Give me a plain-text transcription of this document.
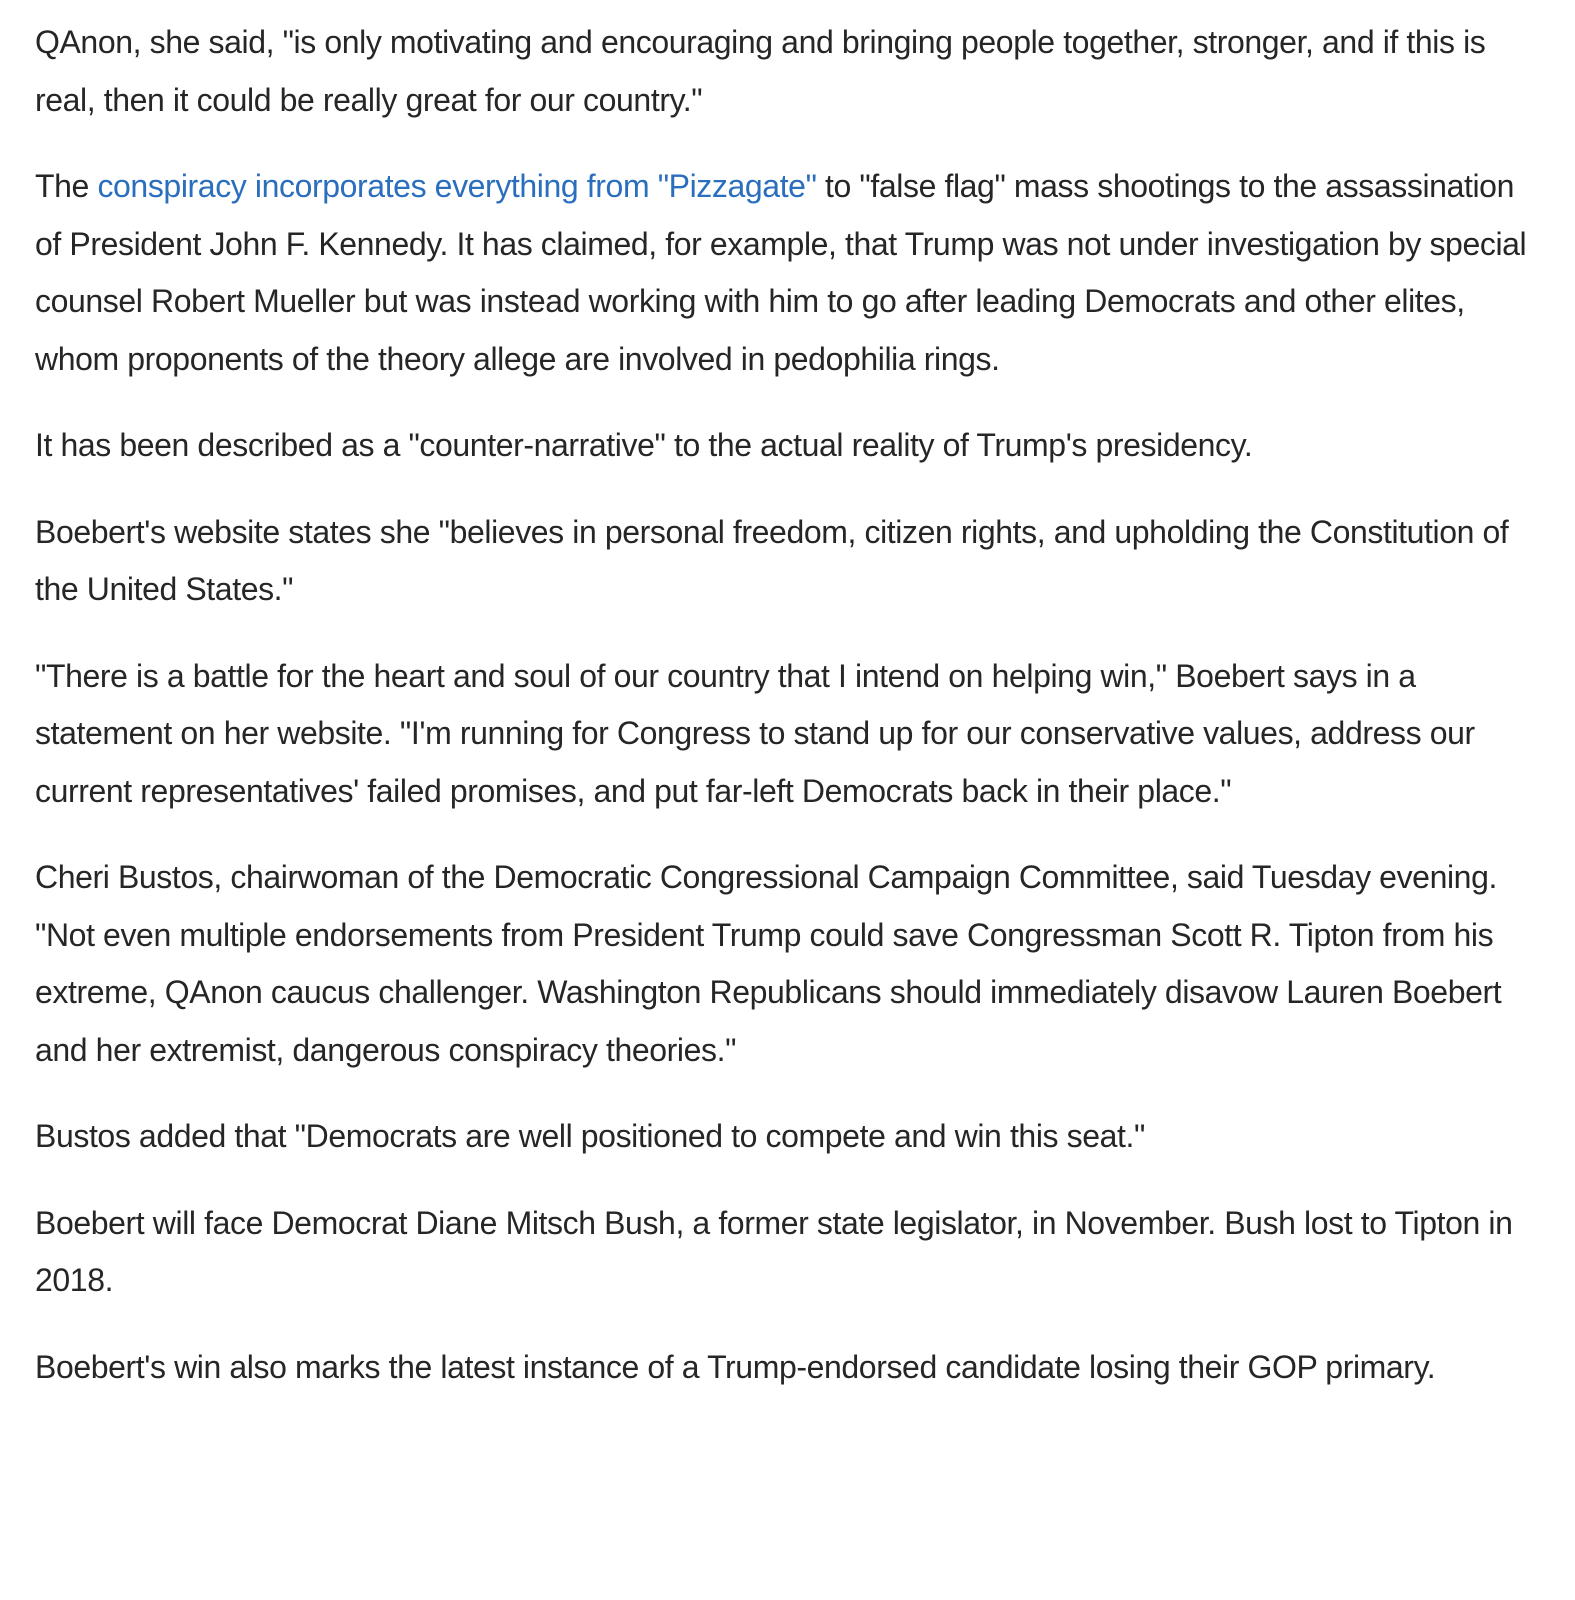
QAnon, she said, "is only motivating and encouraging and bringing people together, stronger, and if this is real, then it could be really great for our country."

The conspiracy incorporates everything from "Pizzagate" to "false flag" mass shootings to the assassination of President John F. Kennedy. It has claimed, for example, that Trump was not under investigation by special counsel Robert Mueller but was instead working with him to go after leading Democrats and other elites, whom proponents of the theory allege are involved in pedophilia rings.

It has been described as a "counter-narrative" to the actual reality of Trump's presidency.

Boebert's website states she "believes in personal freedom, citizen rights, and upholding the Constitution of the United States."

"There is a battle for the heart and soul of our country that I intend on helping win," Boebert says in a statement on her website. "I'm running for Congress to stand up for our conservative values, address our current representatives' failed promises, and put far-left Democrats back in their place."

Cheri Bustos, chairwoman of the Democratic Congressional Campaign Committee, said Tuesday evening. "Not even multiple endorsements from President Trump could save Congressman Scott R. Tipton from his extreme, QAnon caucus challenger. Washington Republicans should immediately disavow Lauren Boebert and her extremist, dangerous conspiracy theories."

Bustos added that "Democrats are well positioned to compete and win this seat."

Boebert will face Democrat Diane Mitsch Bush, a former state legislator, in November. Bush lost to Tipton in 2018.

Boebert's win also marks the latest instance of a Trump-endorsed candidate losing their GOP primary.
